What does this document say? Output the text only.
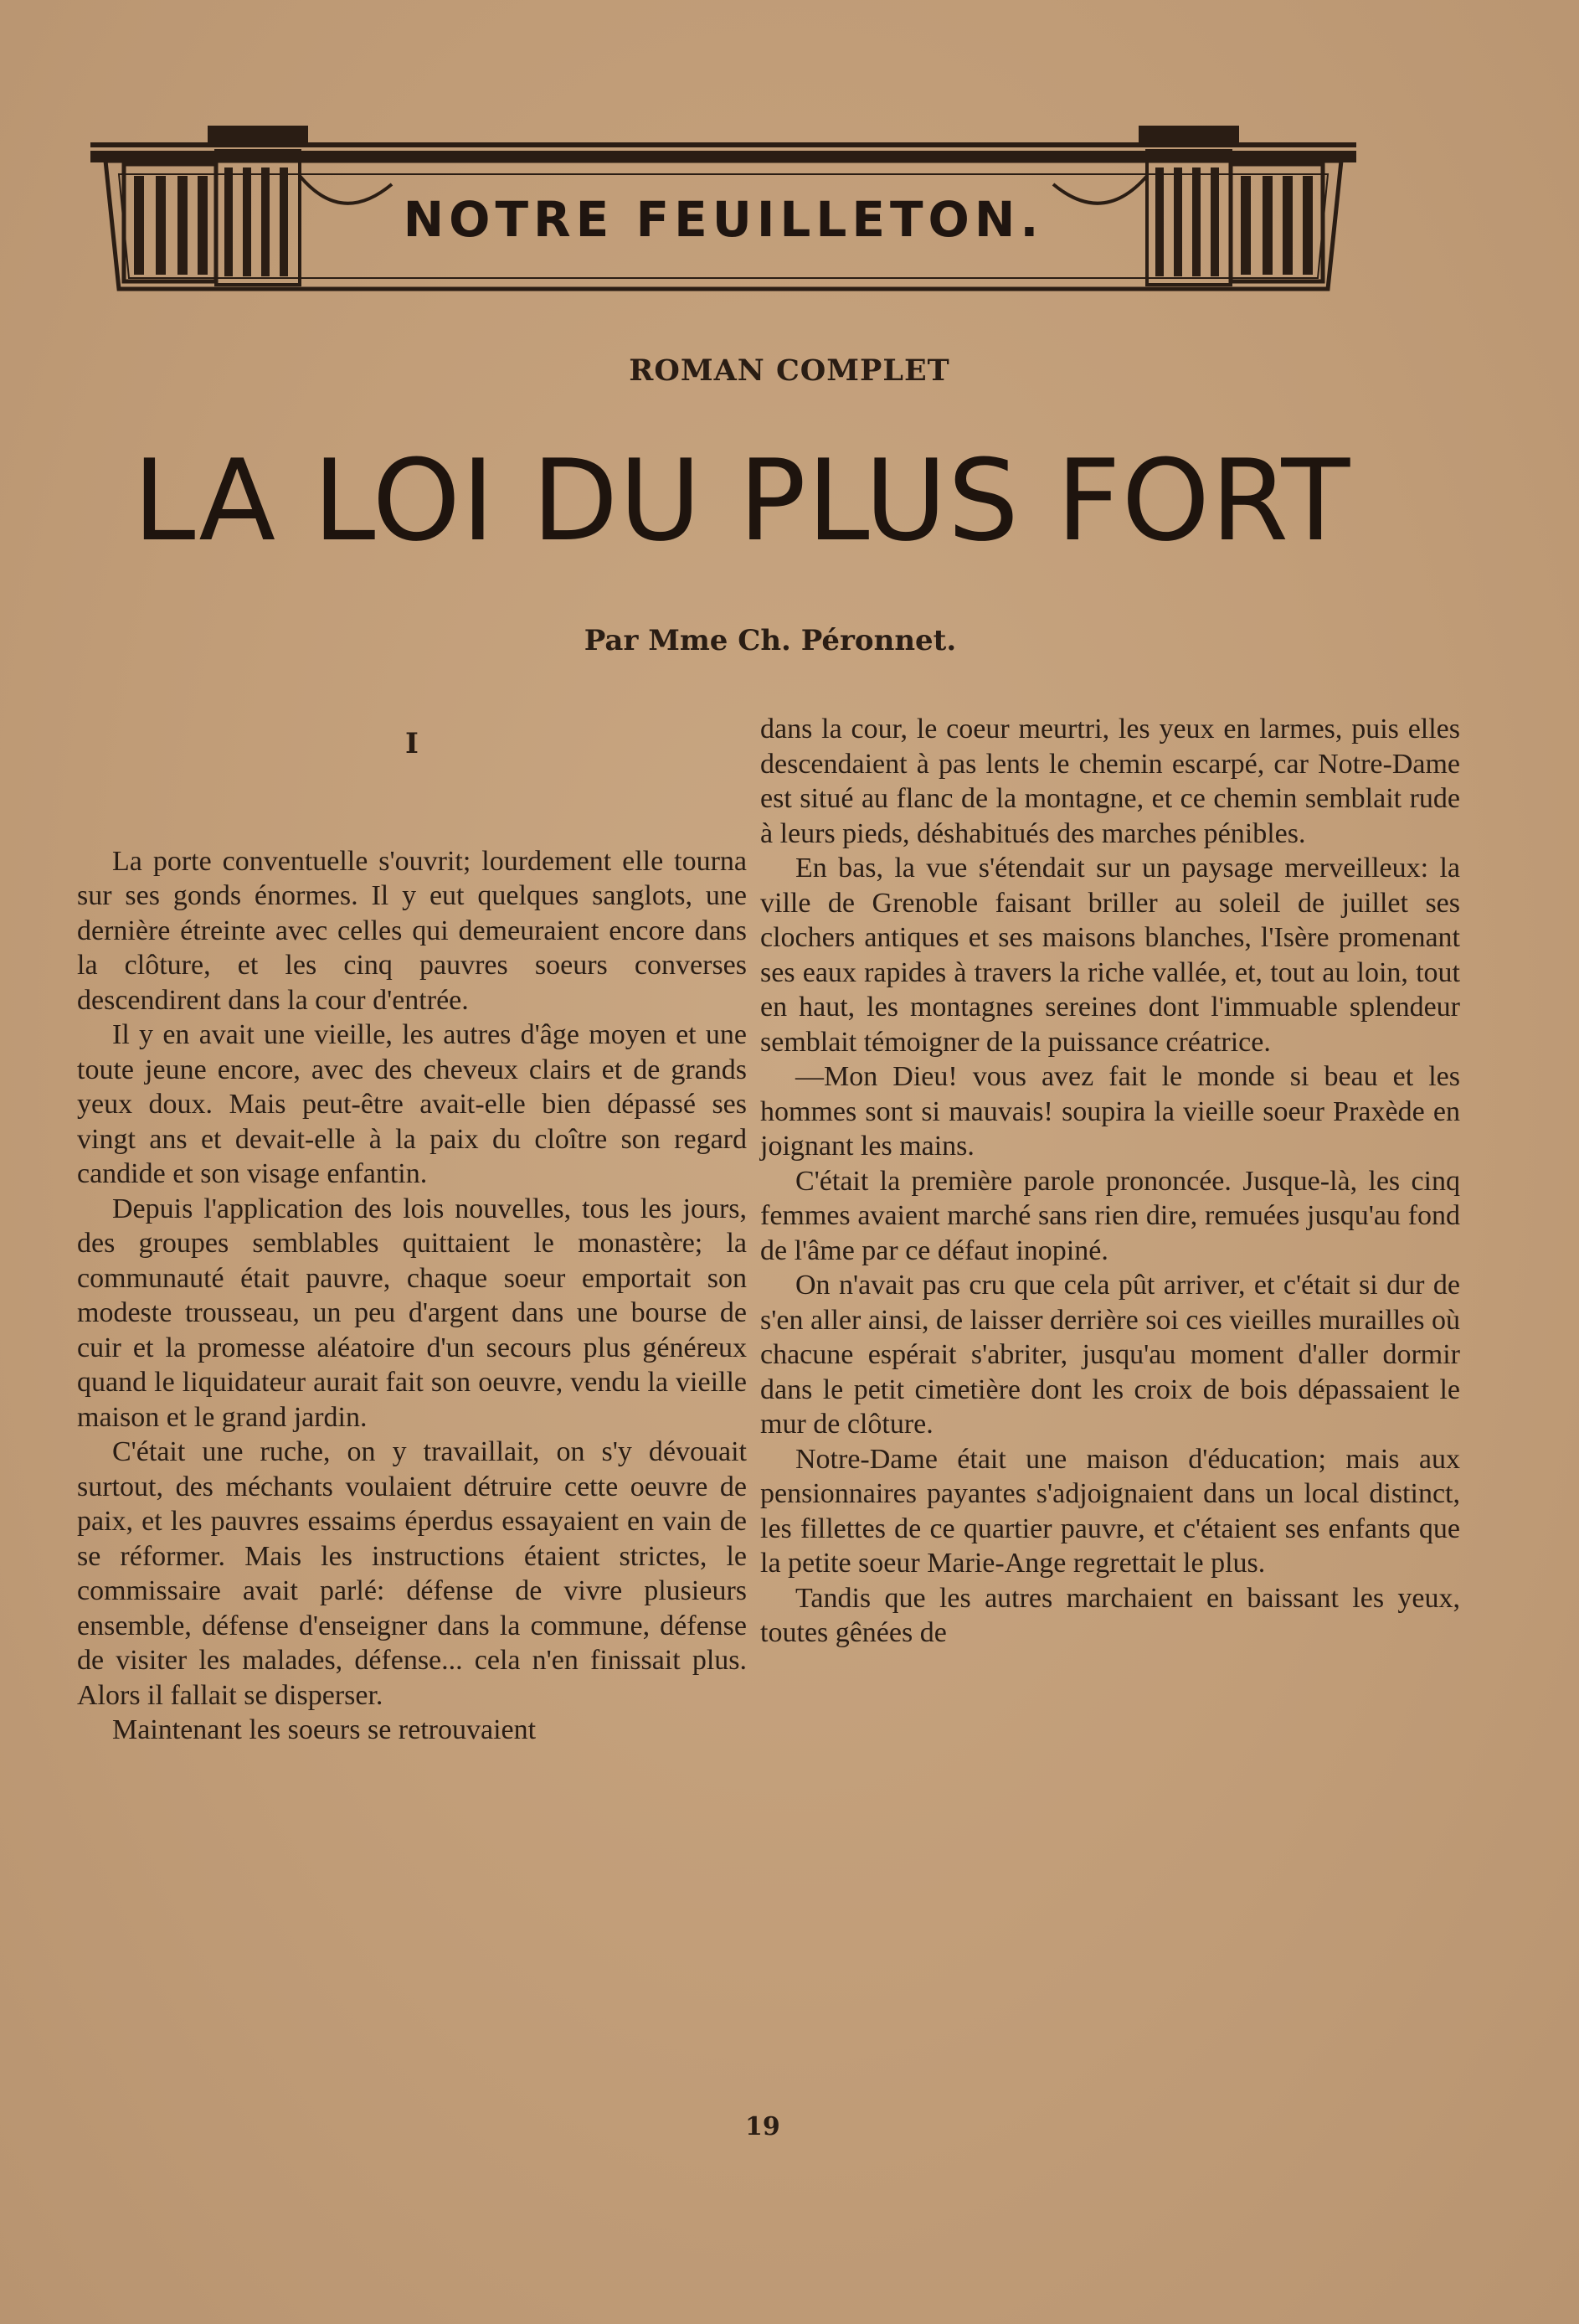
NOTRE FEUILLETON.
ROMAN COMPLET
LA LOI DU PLUS FORT
Par Mme Ch. Péronnet.
I

La porte conventuelle s'ouvrit; lourdement elle tourna sur ses gonds énormes. Il y eut quelques sanglots, une dernière étreinte avec celles qui demeuraient encore dans la clôture, et les cinq pauvres soeurs converses descendirent dans la cour d'entrée.

Il y en avait une vieille, les autres d'âge moyen et une toute jeune encore, avec des cheveux clairs et de grands yeux doux. Mais peut-être avait-elle bien dépassé ses vingt ans et devait-elle à la paix du cloître son regard candide et son visage enfantin.

Depuis l'application des lois nouvelles, tous les jours, des groupes semblables quittaient le monastère; la communauté était pauvre, chaque soeur emportait son modeste trousseau, un peu d'argent dans une bourse de cuir et la promesse aléatoire d'un secours plus généreux quand le liquidateur aurait fait son oeuvre, vendu la vieille maison et le grand jardin.

C'était une ruche, on y travaillait, on s'y dévouait surtout, des méchants voulaient détruire cette oeuvre de paix, et les pauvres essaims éperdus essayaient en vain de se réformer. Mais les instructions étaient strictes, le commissaire avait parlé: défense de vivre plusieurs ensemble, défense d'enseigner dans la commune, défense de visiter les malades, défense... cela n'en finissait plus. Alors il fallait se disperser.

Maintenant les soeurs se retrouvaient

dans la cour, le coeur meurtri, les yeux en larmes, puis elles descendaient à pas lents le chemin escarpé, car Notre-Dame est situé au flanc de la montagne, et ce chemin semblait rude à leurs pieds, déshabitués des marches pénibles.

En bas, la vue s'étendait sur un paysage merveilleux: la ville de Grenoble faisant briller au soleil de juillet ses clochers antiques et ses maisons blanches, l'Isère promenant ses eaux rapides à travers la riche vallée, et, tout au loin, tout en haut, les montagnes sereines dont l'immuable splendeur semblait témoigner de la puissance créatrice.

—Mon Dieu! vous avez fait le monde si beau et les hommes sont si mauvais! soupira la vieille soeur Praxède en joignant les mains.

C'était la première parole prononcée. Jusque-là, les cinq femmes avaient marché sans rien dire, remuées jusqu'au fond de l'âme par ce défaut inopiné.

On n'avait pas cru que cela pût arriver, et c'était si dur de s'en aller ainsi, de laisser derrière soi ces vieilles murailles où chacune espérait s'abriter, jusqu'au moment d'aller dormir dans le petit cimetière dont les croix de bois dépassaient le mur de clôture.

Notre-Dame était une maison d'éducation; mais aux pensionnaires payantes s'adjoignaient dans un local distinct, les fillettes de ce quartier pauvre, et c'étaient ses enfants que la petite soeur Marie-Ange regrettait le plus.

Tandis que les autres marchaient en baissant les yeux, toutes gênées de

19
